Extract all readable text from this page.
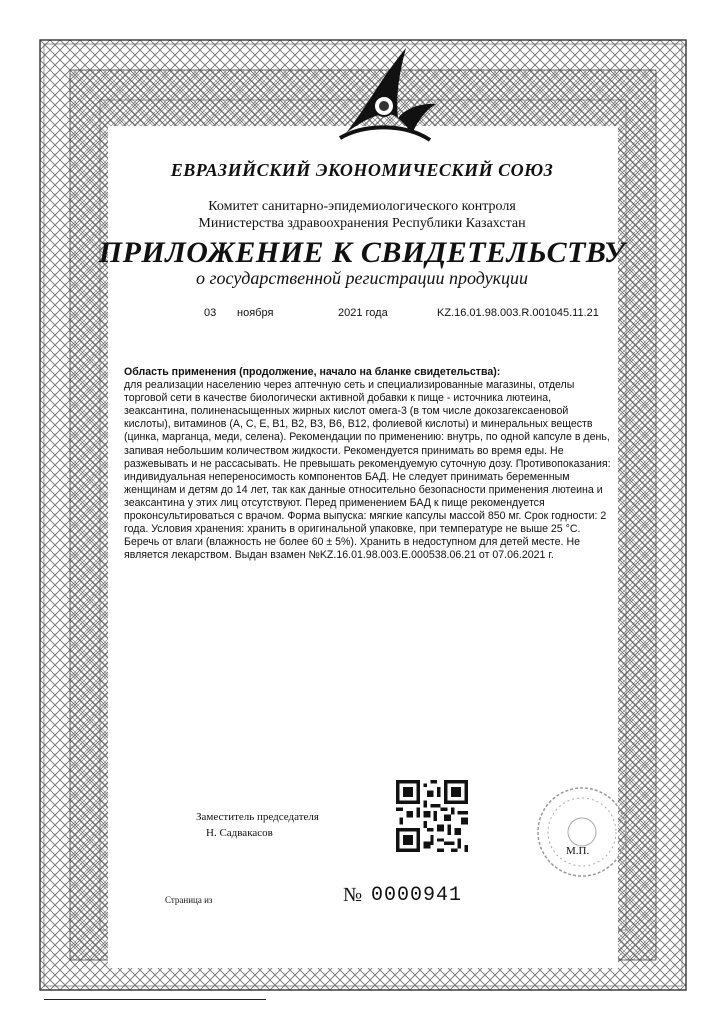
ЕВРАЗИЙСКИЙ ЭКОНОМИЧЕСКИЙ СОЮЗ
Комитет санитарно-эпидемиологического контроля
Министерства здравоохранения Республики Казахстан
ПРИЛОЖЕНИЕ К СВИДЕТЕЛЬСТВУ
о государственной регистрации продукции
03 ноября	2021 года	KZ.16.01.98.003.R.001045.11.21
Область применения (продолжение, начало на бланке свидетельства):
для реализации населению через аптечную сеть и специализированные магазины, отделы
торговой сети в качестве биологически активной добавки к пище - источника лютеина,
зеаксантина, полиненасыщенных жирных кислот омега-3 (в том числе докозагексаеновой
кислоты), витаминов (А, С, Е, В1, В2, В3, В6, В12, фолиевой кислоты) и минеральных веществ
(цинка, марганца, меди, селена). Рекомендации по применению: внутрь, по одной капсуле в день,
запивая небольшим количеством жидкости. Рекомендуется принимать во время еды. Не
разжевывать и не рассасывать. Не превышать рекомендуемую суточную дозу. Противопоказания:
индивидуальная непереносимость компонентов БАД. Не следует принимать беременным
женщинам и детям до 14 лет, так как данные относительно безопасности применения лютеина и
зеаксантина у этих лиц отсутствуют. Перед применением БАД к пище рекомендуется
проконсультироваться с врачом. Форма выпуска: мягкие капсулы массой 850 мг. Срок годности: 2
года. Условия хранения: хранить в оригинальной упаковке, при температуре не выше 25 °С.
Беречь от влаги (влажность не более 60 ± 5%). Хранить в недоступном для детей месте. Не
является лекарством. Выдан взамен №KZ.16.01.98.003.E.000538.06.21 от 07.06.2021 г.
Заместитель председателя
Н. Садвакасов
М.П.
Страница из	№ 0000941
